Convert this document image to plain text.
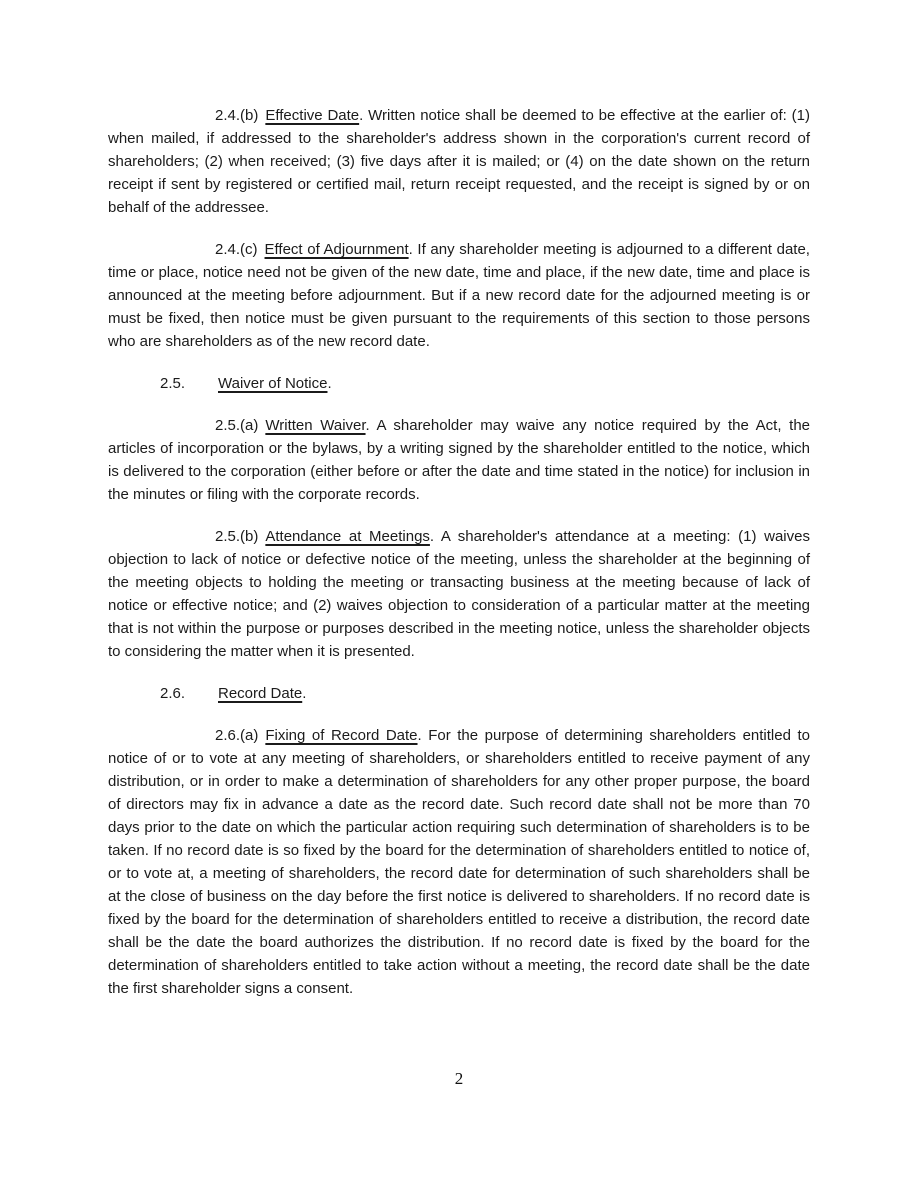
2.4.(b) Effective Date. Written notice shall be deemed to be effective at the earlier of: (1) when mailed, if addressed to the shareholder's address shown in the corporation's current record of shareholders; (2) when received; (3) five days after it is mailed; or (4) on the date shown on the return receipt if sent by registered or certified mail, return receipt requested, and the receipt is signed by or on behalf of the addressee.

2.4.(c) Effect of Adjournment. If any shareholder meeting is adjourned to a different date, time or place, notice need not be given of the new date, time and place, if the new date, time and place is announced at the meeting before adjournment. But if a new record date for the adjourned meeting is or must be fixed, then notice must be given pursuant to the requirements of this section to those persons who are shareholders as of the new record date.

2.5. Waiver of Notice.

2.5.(a) Written Waiver. A shareholder may waive any notice required by the Act, the articles of incorporation or the bylaws, by a writing signed by the shareholder entitled to the notice, which is delivered to the corporation (either before or after the date and time stated in the notice) for inclusion in the minutes or filing with the corporate records.

2.5.(b) Attendance at Meetings. A shareholder's attendance at a meeting: (1) waives objection to lack of notice or defective notice of the meeting, unless the shareholder at the beginning of the meeting objects to holding the meeting or transacting business at the meeting because of lack of notice or effective notice; and (2) waives objection to consideration of a particular matter at the meeting that is not within the purpose or purposes described in the meeting notice, unless the shareholder objects to considering the matter when it is presented.

2.6. Record Date.

2.6.(a) Fixing of Record Date. For the purpose of determining shareholders entitled to notice of or to vote at any meeting of shareholders, or shareholders entitled to receive payment of any distribution, or in order to make a determination of shareholders for any other proper purpose, the board of directors may fix in advance a date as the record date. Such record date shall not be more than 70 days prior to the date on which the particular action requiring such determination of shareholders is to be taken. If no record date is so fixed by the board for the determination of shareholders entitled to notice of, or to vote at, a meeting of shareholders, the record date for determination of such shareholders shall be at the close of business on the day before the first notice is delivered to shareholders. If no record date is fixed by the board for the determination of shareholders entitled to receive a distribution, the record date shall be the date the board authorizes the distribution. If no record date is fixed by the board for the determination of shareholders entitled to take action without a meeting, the record date shall be the date the first shareholder signs a consent.

2
